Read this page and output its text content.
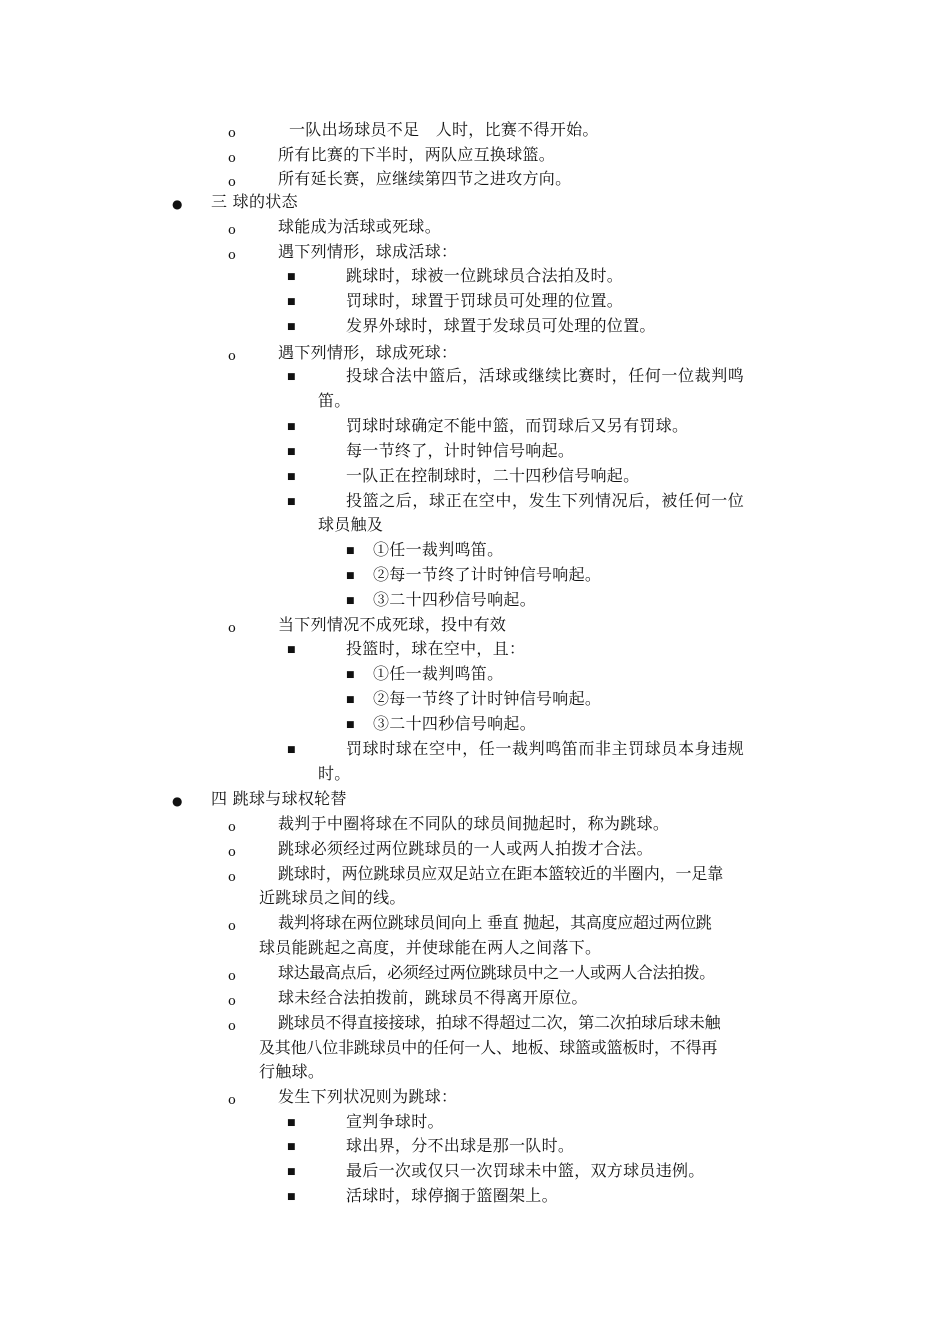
o	一队出场球员不足　人时，比赛不得开始。
o	所有比赛的下半时，两队应互换球篮。
o	所有延长赛，应继续第四节之进攻方向。
● 三 球的状态
o	球能成为活球或死球。
o	遇下列情形，球成活球：
■	跳球时，球被一位跳球员合法拍及时。
■	罚球时，球置于罚球员可处理的位置。
■	发界外球时，球置于发球员可处理的位置。
o	遇下列情形，球成死球：
■	投球合法中篮后，活球或继续比赛时，任何一位裁判鸣
笛。
■	罚球时球确定不能中篮，而罚球后又另有罚球。
■	每一节终了，计时钟信号响起。
■	一队正在控制球时，二十四秒信号响起。
■	投篮之后，球正在空中，发生下列情况后，被任何一位
球员触及
■ ①任一裁判鸣笛。
■ ②每一节终了计时钟信号响起。
■ ③二十四秒信号响起。
o	当下列情况不成死球，投中有效
■	投篮时，球在空中，且：
■ ①任一裁判鸣笛。
■ ②每一节终了计时钟信号响起。
■ ③二十四秒信号响起。
■	罚球时球在空中，任一裁判鸣笛而非主罚球员本身违规
时。
● 四 跳球与球权轮替
o	裁判于中圈将球在不同队的球员间抛起时，称为跳球。
o	跳球必须经过两位跳球员的一人或两人拍拨才合法。
o	跳球时，两位跳球员应双足站立在距本篮较近的半圈内，一足靠
近跳球员之间的线。
o	裁判将球在两位跳球员间向上 垂直 抛起，其高度应超过两位跳
球员能跳起之高度，并使球能在两人之间落下。
o	球达最高点后，必须经过两位跳球员中之一人或两人合法拍拨。
o	球未经合法拍拨前，跳球员不得离开原位。
o	跳球员不得直接接球，拍球不得超过二次，第二次拍球后球未触
及其他八位非跳球员中的任何一人、地板、球篮或篮板时，不得再
行触球。
o	发生下列状况则为跳球：
■	宣判争球时。
■	球出界，分不出球是那一队时。
■	最后一次或仅只一次罚球未中篮，双方球员违例。
■	活球时，球停搁于篮圈架上。
